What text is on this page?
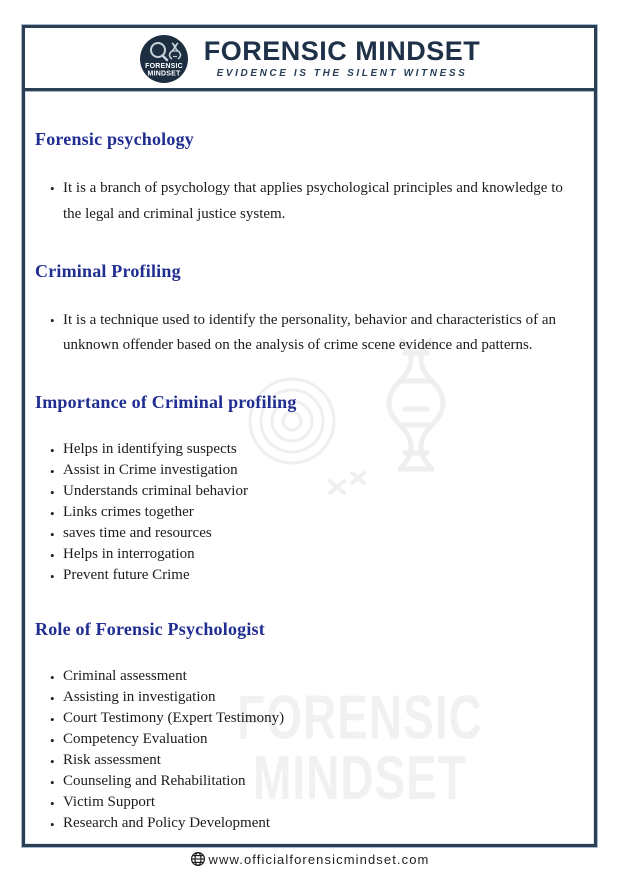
FORENSIC
MINDSET
FORENSIC MINDSET
EVIDENCE IS THE SILENT WITNESS
FORENSIC
MINDSET
Forensic psychology
• It is a branch of psychology that applies psychological principles and knowledge to the legal and criminal justice system.
Criminal Profiling
• It is a technique used to identify the personality, behavior and characteristics of an unknown offender based on the analysis of crime scene evidence and patterns.
Importance of Criminal profiling
• Helps in identifying suspects
• Assist in Crime investigation
• Understands criminal behavior
• Links crimes together
• saves time and resources
• Helps in interrogation
• Prevent future Crime
Role of Forensic Psychologist
• Criminal assessment
• Assisting in investigation
• Court Testimony (Expert Testimony)
• Competency Evaluation
• Risk assessment
• Counseling and Rehabilitation
• Victim Support
• Research and Policy Development
www.officialforensicmindset.com
